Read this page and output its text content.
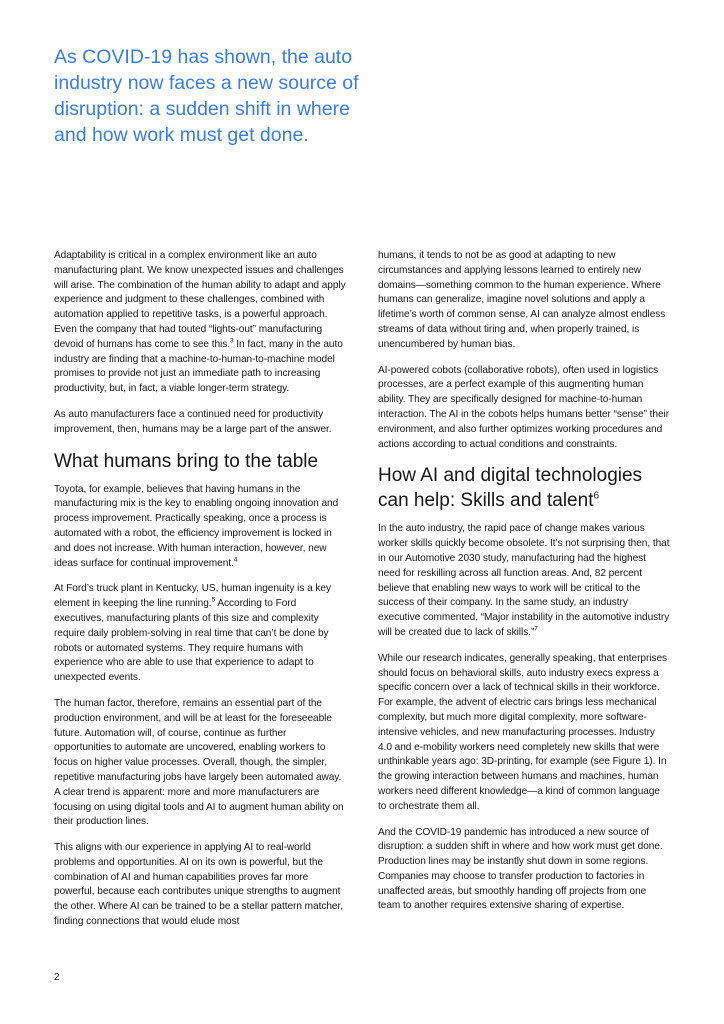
As COVID-19 has shown, the auto industry now faces a new source of disruption: a sudden shift in where and how work must get done.

Adaptability is critical in a complex environment like an auto manufacturing plant. We know unexpected issues and challenges will arise. The combination of the human ability to adapt and apply experience and judgment to these challenges, combined with automation applied to repetitive tasks, is a powerful approach. Even the company that had touted “lights-out” manufacturing devoid of humans has come to see this.$^3$ In fact, many in the auto industry are finding that a machine-to-human-to-machine model promises to provide not just an immediate path to increasing productivity, but, in fact, a viable longer-term strategy.

As auto manufacturers face a continued need for productivity improvement, then, humans may be a large part of the answer.

What humans bring to the table

Toyota, for example, believes that having humans in the manufacturing mix is the key to enabling ongoing innovation and process improvement. Practically speaking, once a process is automated with a robot, the efficiency improvement is locked in and does not increase. With human interaction, however, new ideas surface for continual improvement.$^4$

At Ford’s truck plant in Kentucky, US, human ingenuity is a key element in keeping the line running.$^5$ According to Ford executives, manufacturing plants of this size and complexity require daily problem-solving in real time that can’t be done by robots or automated systems. They require humans with experience who are able to use that experience to adapt to unexpected events.

The human factor, therefore, remains an essential part of the production environment, and will be at least for the foreseeable future. Automation will, of course, continue as further opportunities to automate are uncovered, enabling workers to focus on higher value processes. Overall, though, the simpler, repetitive manufacturing jobs have largely been automated away. A clear trend is apparent: more and more manufacturers are focusing on using digital tools and AI to augment human ability on their production lines.

This aligns with our experience in applying AI to real-world problems and opportunities. AI on its own is powerful, but the combination of AI and human capabilities proves far more powerful, because each contributes unique strengths to augment the other. Where AI can be trained to be a stellar pattern matcher, finding connections that would elude most

humans, it tends to not be as good at adapting to new circumstances and applying lessons learned to entirely new domains—something common to the human experience. Where humans can generalize, imagine novel solutions and apply a lifetime’s worth of common sense, AI can analyze almost endless streams of data without tiring and, when properly trained, is unencumbered by human bias.

AI-powered cobots (collaborative robots), often used in logistics processes, are a perfect example of this augmenting human ability. They are specifically designed for machine-to-human interaction. The AI in the cobots helps humans better “sense” their environment, and also further optimizes working procedures and actions according to actual conditions and constraints.

How AI and digital technologies can help: Skills and talent$^6$

In the auto industry, the rapid pace of change makes various worker skills quickly become obsolete. It’s not surprising then, that in our Automotive 2030 study, manufacturing had the highest need for reskilling across all function areas. And, 82 percent believe that enabling new ways to work will be critical to the success of their company. In the same study, an industry executive commented, “Major instability in the automotive industry will be created due to lack of skills.”$^7$

While our research indicates, generally speaking, that enterprises should focus on behavioral skills, auto industry execs express a specific concern over a lack of technical skills in their workforce. For example, the advent of electric cars brings less mechanical complexity, but much more digital complexity, more software-intensive vehicles, and new manufacturing processes. Industry 4.0 and e-mobility workers need completely new skills that were unthinkable years ago: 3D-printing, for example (see Figure 1). In the growing interaction between humans and machines, human workers need different knowledge—a kind of common language to orchestrate them all.

And the COVID-19 pandemic has introduced a new source of disruption: a sudden shift in where and how work must get done. Production lines may be instantly shut down in some regions. Companies may choose to transfer production to factories in unaffected areas, but smoothly handing off projects from one team to another requires extensive sharing of expertise.

2
